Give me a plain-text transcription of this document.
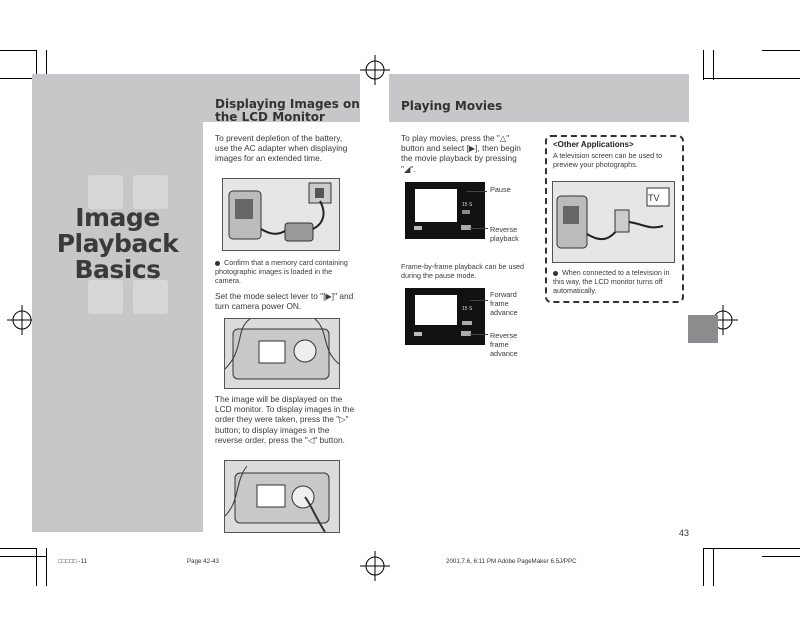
Image
Playback
Basics
Displaying Images on
the LCD Monitor
Playing Movies
To prevent depletion of the battery, use the AC adapter when displaying images for an extended time.
Confirm that a memory card containing photographic images is loaded in the camera.
Set the mode select lever to "[▶]" and turn camera power ON.
The image will be displayed on the LCD monitor. To display images in the order they were taken, press the "▷" button; to display images in the reverse order, press the "◁" button.
To play movies, press the "△" button and select [▶], then begin the movie playback by pressing "◢".
15 S
Pause
Reverse
playback
Frame-by-frame playback can be used during the pause mode.
15 S
Forward
frame
advance
Reverse
frame
advance
<Other Applications>
A television screen can be used to preview your photographs.
TV
When connected to a television in this way, the LCD monitor turns off automatically.
43
□□□□□ -11	Page 42-43	2001.7.6, 6:11 PM Adobe PageMaker 6.5J/PPC
